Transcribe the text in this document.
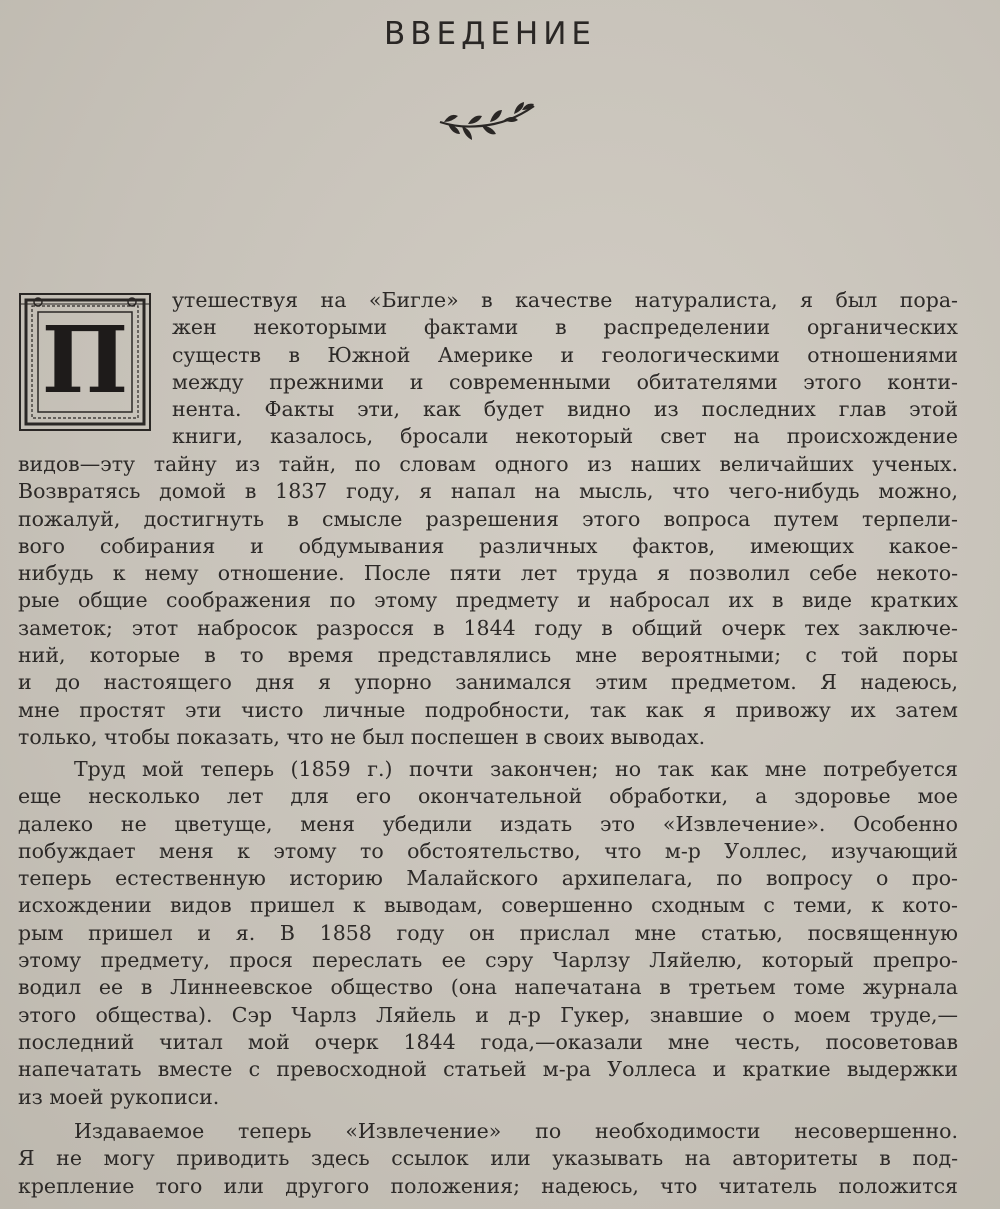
ВВЕДЕНИЕ
П
утешествуя на «Бигле» в качестве натуралиста, я был пора-
жен некоторыми фактами в распределении органических
существ в Южной Америке и геологическими отношениями
между прежними и современными обитателями этого конти-
нента. Факты эти, как будет видно из последних глав этой
книги, казалось, бросали некоторый свет на происхождение
видов—эту тайну из тайн, по словам одного из наших величайших ученых.
Возвратясь домой в 1837 году, я напал на мысль, что чего-нибудь можно,
пожалуй, достигнуть в смысле разрешения этого вопроса путем терпели-
вого собирания и обдумывания различных фактов, имеющих какое-
нибудь к нему отношение. После пяти лет труда я позволил себе некото-
рые общие соображения по этому предмету и набросал их в виде кратких
заметок; этот набросок разросся в 1844 году в общий очерк тех заключе-
ний, которые в то время представлялись мне вероятными; с той поры
и до настоящего дня я упорно занимался этим предметом. Я надеюсь,
мне простят эти чисто личные подробности, так как я привожу их затем
только, чтобы показать, что не был поспешен в своих выводах.
Труд мой теперь (1859 г.) почти закончен; но так как мне потребуется
еще несколько лет для его окончательной обработки, а здоровье мое
далеко не цветуще, меня убедили издать это «Извлечение». Особенно
побуждает меня к этому то обстоятельство, что м-р Уоллес, изучающий
теперь естественную историю Малайского архипелага, по вопросу о про-
исхождении видов пришел к выводам, совершенно сходным с теми, к кото-
рым пришел и я. В 1858 году он прислал мне статью, посвященную
этому предмету, прося переслать ее сэру Чарлзу Ляйелю, который препро-
водил ее в Линнеевское общество (она напечатана в третьем томе журнала
этого общества). Сэр Чарлз Ляйель и д-р Гукер, знавшие о моем труде,—
последний читал мой очерк 1844 года,—оказали мне честь, посоветовав
напечатать вместе с превосходной статьей м-ра Уоллеса и краткие выдержки
из моей рукописи.
Издаваемое теперь «Извлечение» по необходимости несовершенно.
Я не могу приводить здесь ссылок или указывать на авторитеты в под-
крепление того или другого положения; надеюсь, что читатель положится
